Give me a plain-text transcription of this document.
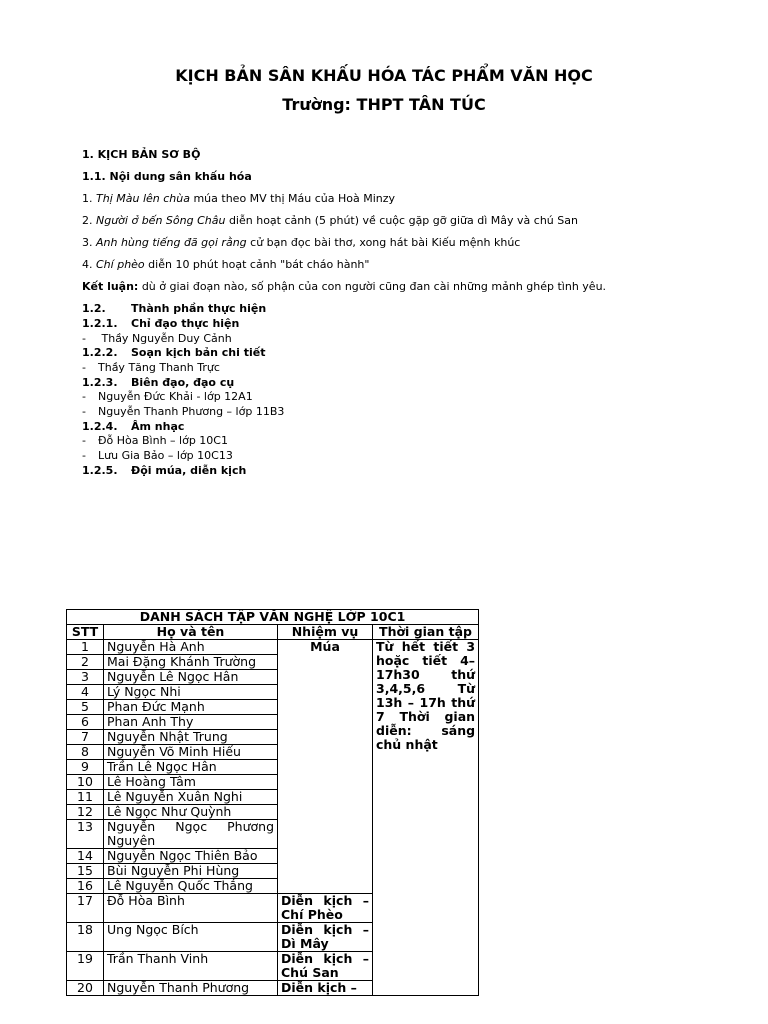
KỊCH BẢN SÂN KHẤU HÓA TÁC PHẨM VĂN HỌC
Trường: THPT TÂN TÚC
1. KỊCH BẢN SƠ BỘ
1.1. Nội dung sân khấu hóa
1. Thị Màu lên chùa múa theo MV thị Máu của Hoà Minzy
2. Người ở bến Sông Châu diễn hoạt cảnh (5 phút) về cuộc gặp gỡ giữa dì Mây và chú San
3. Anh hùng tiếng đã gọi rằng cử bạn đọc bài thơ, xong hát bài Kiếu mệnh khúc
4. Chí phèo diễn 10 phút hoạt cảnh "bát cháo hành"
Kết luận: dù ở giai đoạn nào, số phận của con người cũng đan cài những mảnh ghép tình yêu.
1.2. Thành phần thực hiện
1.2.1. Chỉ đạo thực hiện
- Thầy Nguyễn Duy Cảnh
1.2.2. Soạn kịch bản chi tiết
- Thầy Tăng Thanh Trực
1.2.3. Biên đạo, đạo cụ
- Nguyễn Đức Khải - lớp 12A1
- Nguyễn Thanh Phương – lớp 11B3
1.2.4. Âm nhạc
- Đỗ Hòa Bình – lớp 10C1
- Lưu Gia Bảo – lớp 10C13
1.2.5. Đội múa, diễn kịch
DANH SÁCH TẬP VĂN NGHỆ LỚP 10C1			
STT	Họ và tên	Nhiệm vụ	Thời gian tập
1	Nguyễn Hà Anh	Múa	Từ hết tiết 3 hoặc tiết 4– 17h30 thứ 3,4,5,6 Từ 13h – 17h thứ 7 Thời gian diễn: sáng chủ nhật
2	Mai Đặng Khánh Trường		
3	Nguyễn Lê Ngọc Hân		
4	Lý Ngọc Nhi		
5	Phan Đức Mạnh		
6	Phan Anh Thy		
7	Nguyễn Nhật Trung		
8	Nguyễn Võ Minh Hiếu		
9	Trần Lê Ngọc Hân		
10	Lê Hoàng Tâm		
11	Lê Nguyễn Xuân Nghi		
12	Lê Ngọc Như Quỳnh		
13	Nguyễn Ngọc Phương Nguyên		
14	Nguyễn Ngọc Thiên Bảo		
15	Bùi Nguyễn Phi Hùng		
16	Lê Nguyễn Quốc Thắng		
17	Đỗ Hòa Bình	Diễn kịch – Chí Phèo	
18	Ung Ngọc Bích	Diễn kịch – Dì Mây	
19	Trần Thanh Vinh	Diễn kịch – Chú San	
20	Nguyễn Thanh Phương	Diễn kịch –	
